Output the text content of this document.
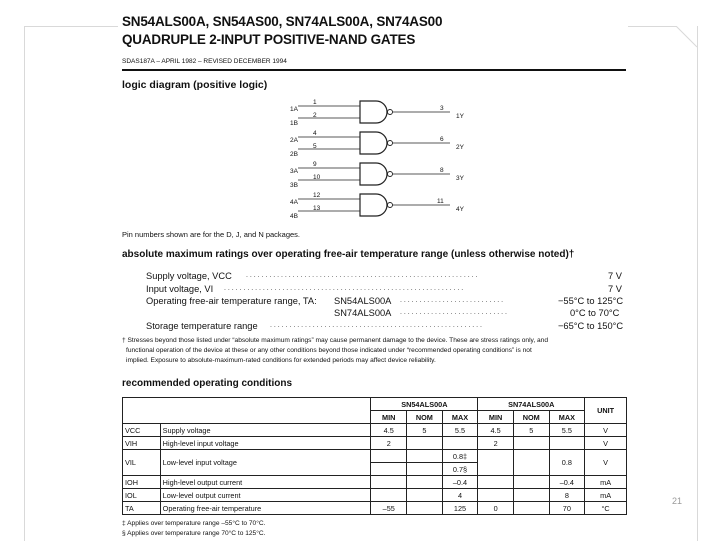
SN54ALS00A, SN54AS00, SN74ALS00A, SN74AS00
QUADRUPLE 2-INPUT POSITIVE-NAND GATES
SDAS187A – APRIL 1982 – REVISED DECEMBER 1994
logic diagram (positive logic)
1A
1B
1
2
3
1Y
2A
2B
4
5
6
2Y
3A
3B
9
10
8
3Y
4A
4B
12
13
11
4Y
Pin numbers shown are for the D, J, and N packages.
absolute maximum ratings over operating free-air temperature range (unless otherwise noted)†
Supply voltage, VCC . . . . . . . . . . . . . . . . . . . . . . . . . . . . . . . . . . . . . . . . . . . . . . . . . . . . . . . . . . . .	7 V
Input voltage, VI . . . . . . . . . . . . . . . . . . . . . . . . . . . . . . . . . . . . . . . . . . . . . . . . . . . . . . . . . . . . . .	7 V
Operating free-air temperature range, TA: SN54ALS00A . . . . . . . . . . . . . . . . . . . . . . . . . . .	−55°C to 125°C
SN74ALS00A . . . . . . . . . . . . . . . . . . . . . . . . . . . .	0°C to 70°C
Storage temperature range . . . . . . . . . . . . . . . . . . . . . . . . . . . . . . . . . . . . . . . . . . . . . . . . . . . . . . .	−65°C to 150°C
† Stresses beyond those listed under “absolute maximum ratings” may cause permanent damage to the device. These are stress ratings only, and
functional operation of the device at these or any other conditions beyond those indicated under “recommended operating conditions” is not
implied. Exposure to absolute-maximum-rated conditions for extended periods may affect device reliability.
recommended operating conditions
		SN54ALS00A			SN74ALS00A			UNIT
		MIN	NOM	MAX	MIN	NOM	MAX	
VCC	Supply voltage	4.5	5	5.5	4.5	5	5.5	V
VIH	High-level input voltage	2			2			V
VIL	Low-level input voltage			0.8‡			0.8	V
				0.7§				
IOH	High-level output current			–0.4			–0.4	mA
IOL	Low-level output current			4			8	mA
TA	Operating free-air temperature	–55		125	0		70	°C
‡ Applies over temperature range –55°C to 70°C.
§ Applies over temperature range 70°C to 125°C.
21
